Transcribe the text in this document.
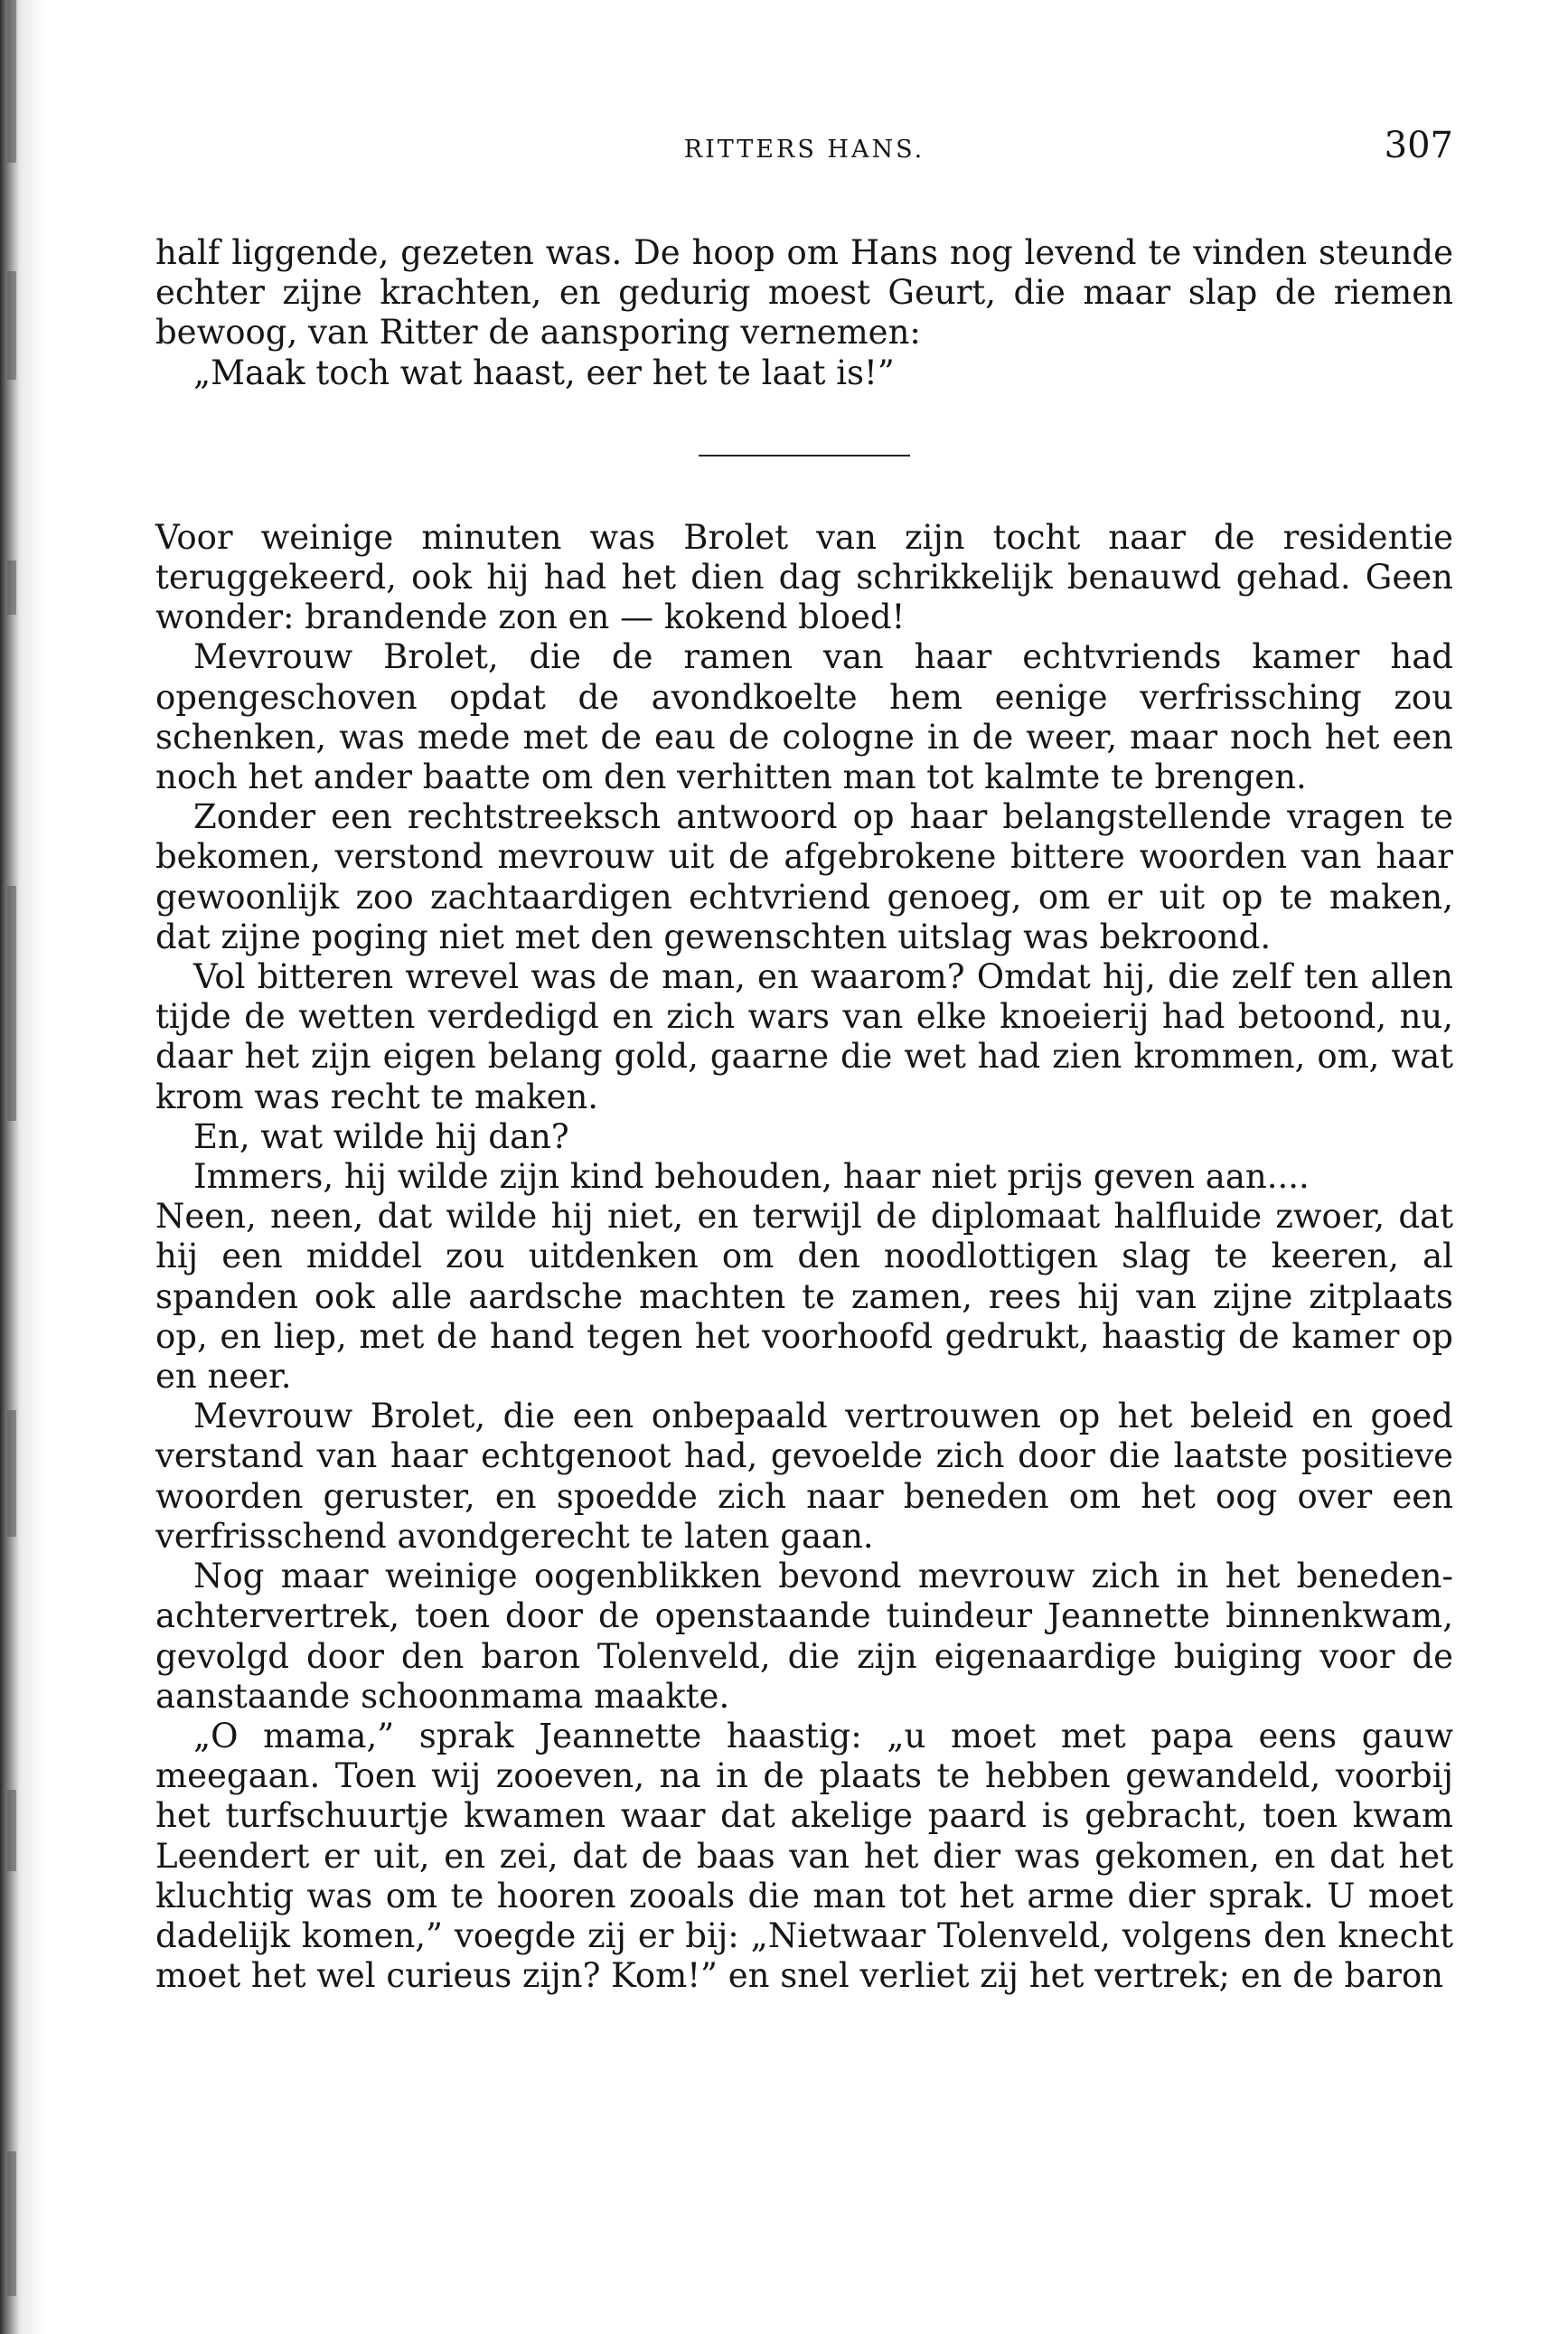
RITTERS HANS.	307

half liggende, gezeten was. De hoop om Hans nog levend te vinden steunde echter zijne krachten, en gedurig moest Geurt, die maar slap de riemen bewoog, van Ritter de aansporing vernemen:

„Maak toch wat haast, eer het te laat is!”

Voor weinige minuten was Brolet van zijn tocht naar de residentie teruggekeerd, ook hij had het dien dag schrikkelijk benauwd gehad. Geen wonder: brandende zon en — kokend bloed!

Mevrouw Brolet, die de ramen van haar echtvriends kamer had opengeschoven opdat de avondkoelte hem eenige verfrissching zou schenken, was mede met de eau de cologne in de weer, maar noch het een noch het ander baatte om den verhitten man tot kalmte te brengen.

Zonder een rechtstreeksch antwoord op haar belangstellende vragen te bekomen, verstond mevrouw uit de afgebrokene bittere woorden van haar gewoonlijk zoo zachtaardigen echtvriend genoeg, om er uit op te maken, dat zijne poging niet met den gewenschten uitslag was bekroond.

Vol bitteren wrevel was de man, en waarom? Omdat hij, die zelf ten allen tijde de wetten verdedigd en zich wars van elke knoeierij had betoond, nu, daar het zijn eigen belang gold, gaarne die wet had zien krommen, om, wat krom was recht te maken.

En, wat wilde hij dan?

Immers, hij wilde zijn kind behouden, haar niet prijs geven aan....

Neen, neen, dat wilde hij niet, en terwijl de diplomaat halfluide zwoer, dat hij een middel zou uitdenken om den noodlottigen slag te keeren, al spanden ook alle aardsche machten te zamen, rees hij van zijne zitplaats op, en liep, met de hand tegen het voorhoofd gedrukt, haastig de kamer op en neer.

Mevrouw Brolet, die een onbepaald vertrouwen op het beleid en goed verstand van haar echtgenoot had, gevoelde zich door die laatste positieve woorden geruster, en spoedde zich naar beneden om het oog over een verfrisschend avondgerecht te laten gaan.

Nog maar weinige oogenblikken bevond mevrouw zich in het beneden-achtervertrek, toen door de openstaande tuindeur Jeannette binnenkwam, gevolgd door den baron Tolenveld, die zijn eigenaardige buiging voor de aanstaande schoonmama maakte.

„O mama,” sprak Jeannette haastig: „u moet met papa eens gauw meegaan. Toen wij zooeven, na in de plaats te hebben gewandeld, voorbij het turfschuurtje kwamen waar dat akelige paard is gebracht, toen kwam Leendert er uit, en zei, dat de baas van het dier was gekomen, en dat het kluchtig was om te hooren zooals die man tot het arme dier sprak. U moet dadelijk komen,” voegde zij er bij: „Nietwaar Tolenveld, volgens den knecht moet het wel curieus zijn? Kom!” en snel verliet zij het vertrek; en de baron
